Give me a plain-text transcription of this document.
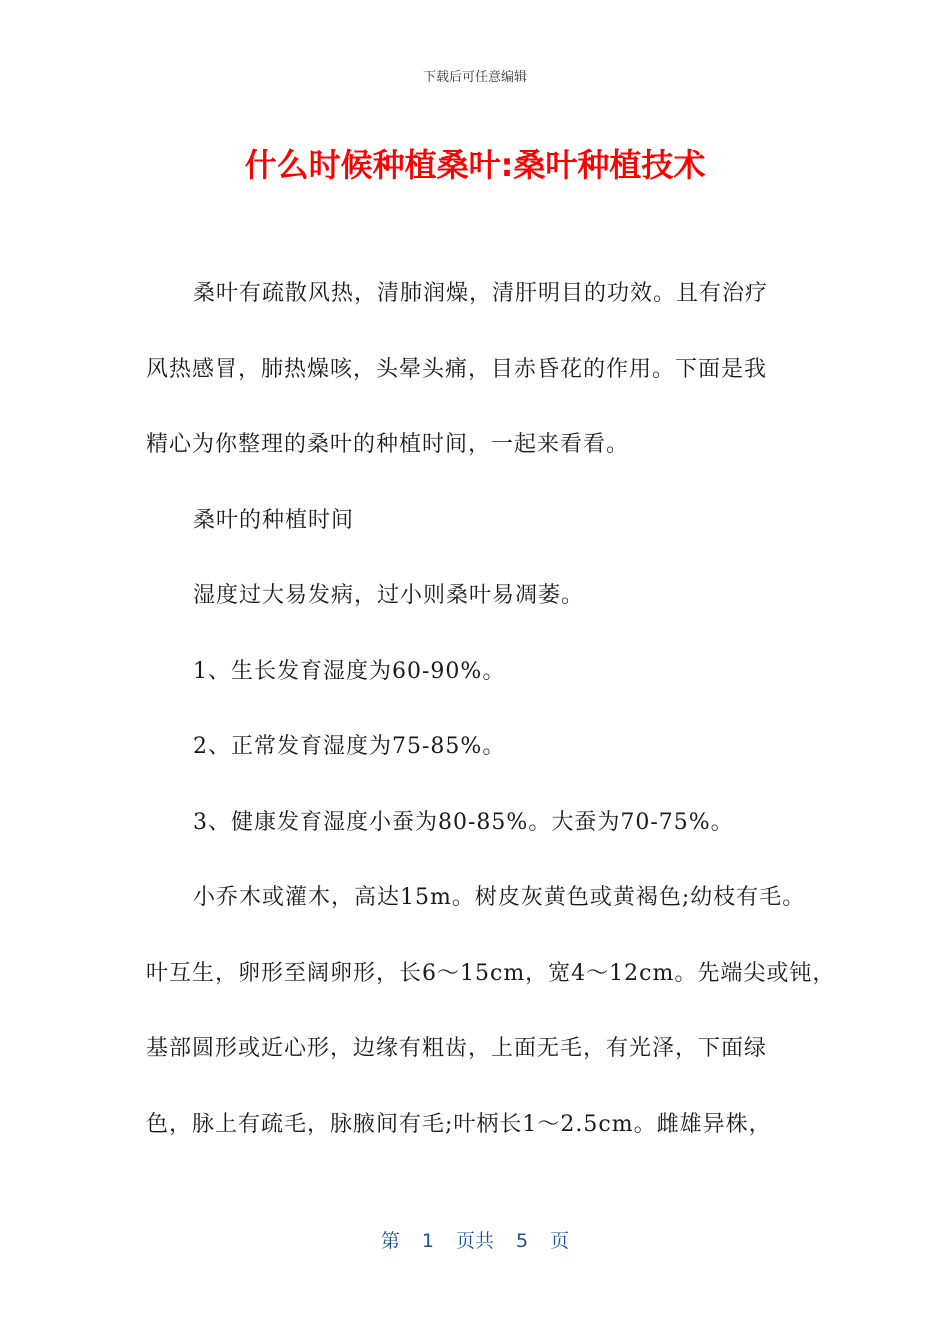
下载后可任意编辑
什么时候种植桑叶:桑叶种植技术
桑叶有疏散风热，清肺润燥，清肝明目的功效。且有治疗
风热感冒，肺热燥咳，头晕头痛，目赤昏花的作用。下面是我
精心为你整理的桑叶的种植时间，一起来看看。
桑叶的种植时间
湿度过大易发病，过小则桑叶易凋萎。
1、生长发育湿度为60-90%。
2、正常发育湿度为75-85%。
3、健康发育湿度小蚕为80-85%。大蚕为70-75%。
小乔木或灌木，高达15m。树皮灰黄色或黄褐色;幼枝有毛。
叶互生，卵形至阔卵形，长6～15cm，宽4～12cm。先端尖或钝，
基部圆形或近心形，边缘有粗齿，上面无毛，有光泽，下面绿
色，脉上有疏毛，脉腋间有毛;叶柄长1～2.5cm。雌雄异株，
第 1 页共 5 页
